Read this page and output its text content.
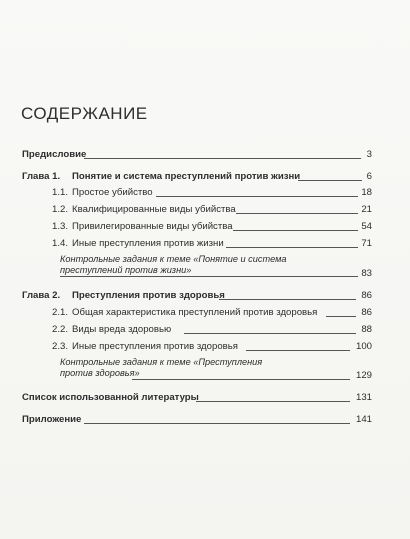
СОДЕРЖАНИЕ
Предисловие	3
Глава 1. Понятие и система преступлений против жизни	6
1.1. Простое убийство	18
1.2. Квалифицированные виды убийства	21
1.3. Привилегированные виды убийства	54
1.4. Иные преступления против жизни	71
Контрольные задания к теме «Понятие и система
преступлений против жизни»	83
Глава 2. Преступления против здоровья	86
2.1. Общая характеристика преступлений против здоровья	86
2.2. Виды вреда здоровью	88
2.3. Иные преступления против здоровья	100
Контрольные задания к теме «Преступления
против здоровья»	129
Список использованной литературы	131
Приложение	141
